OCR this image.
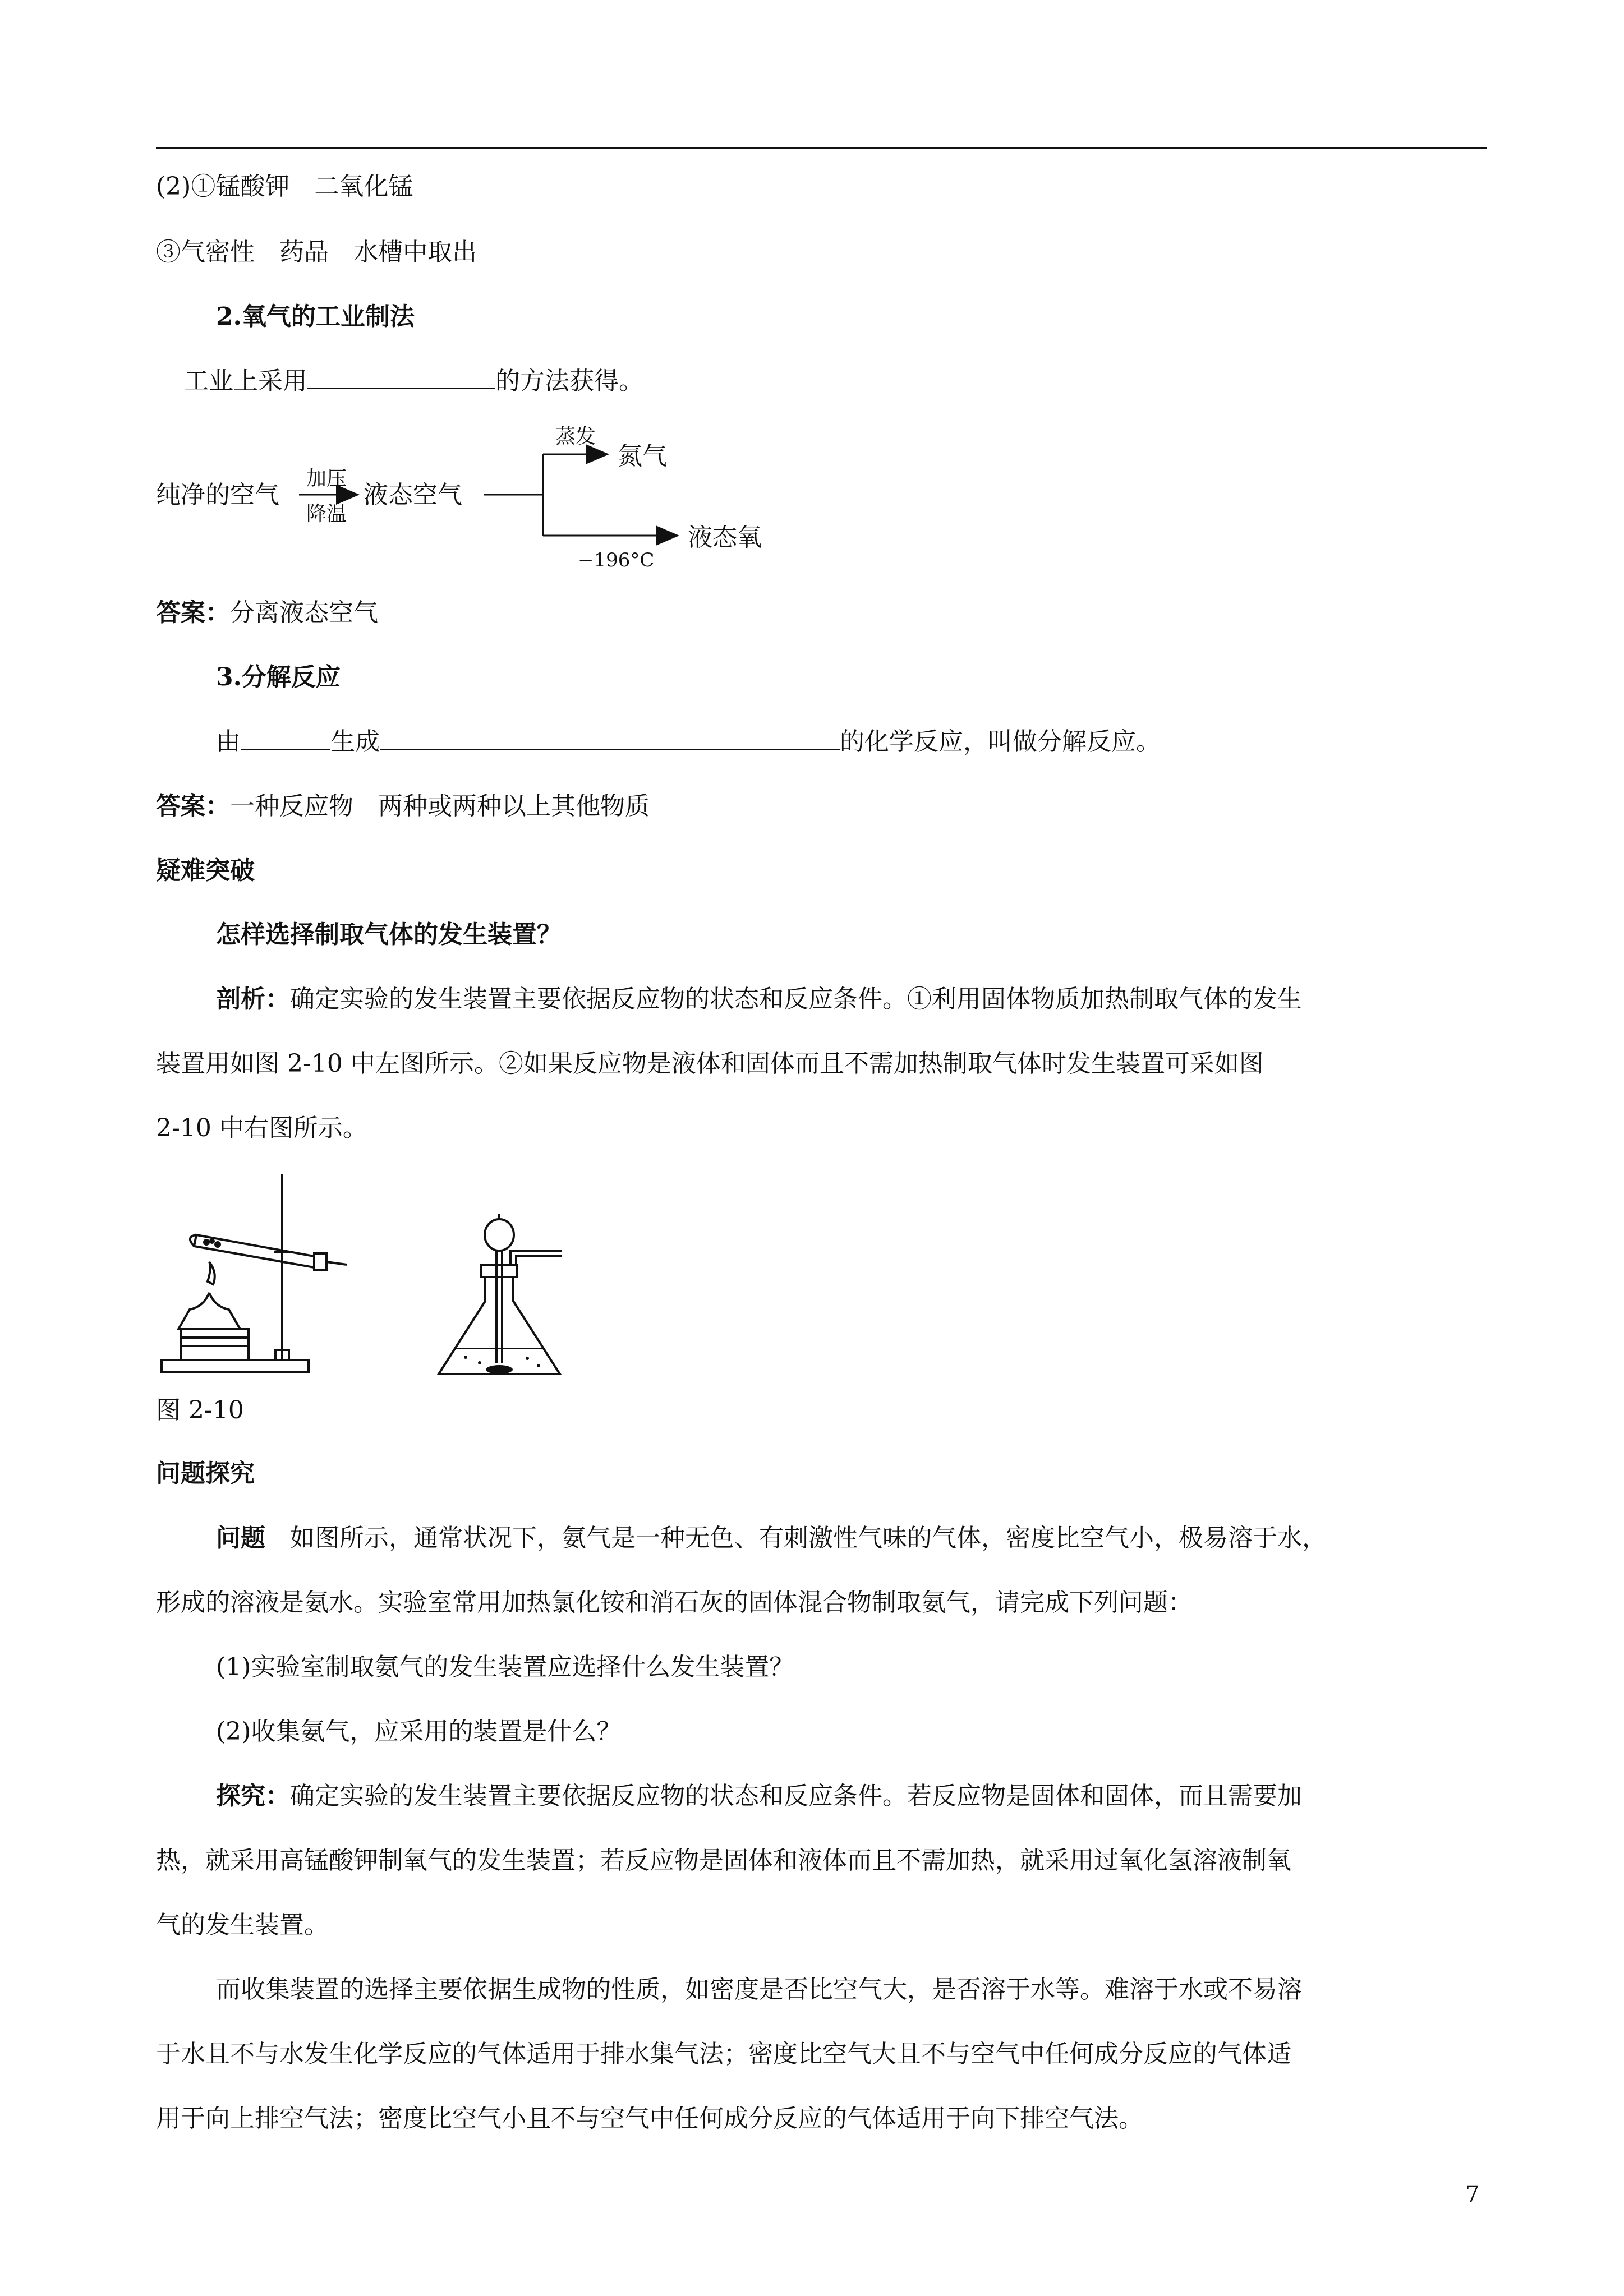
(2)①锰酸钾　二氧化锰
③气密性　药品　水槽中取出
2.氧气的工业制法
工业上采用	的方法获得。
纯净的空气
加压
降温
液态空气
蒸发
氮气
−196°C
液态氧
答案：分离液态空气
3.分解反应
由	生成	的化学反应，叫做分解反应。
答案：一种反应物　两种或两种以上其他物质
疑难突破
怎样选择制取气体的发生装置？
剖析：确定实验的发生装置主要依据反应物的状态和反应条件。①利用固体物质加热制取气体的发生
装置用如图 2-10 中左图所示。②如果反应物是液体和固体而且不需加热制取气体时发生装置可采如图
2-10 中右图所示。
图 2-10
问题探究
问题　如图所示，通常状况下，氨气是一种无色、有刺激性气味的气体，密度比空气小，极易溶于水，
形成的溶液是氨水。实验室常用加热氯化铵和消石灰的固体混合物制取氨气，请完成下列问题：
(1)实验室制取氨气的发生装置应选择什么发生装置？
(2)收集氨气，应采用的装置是什么？
探究：确定实验的发生装置主要依据反应物的状态和反应条件。若反应物是固体和固体，而且需要加
热，就采用高锰酸钾制氧气的发生装置；若反应物是固体和液体而且不需加热，就采用过氧化氢溶液制氧
气的发生装置。
而收集装置的选择主要依据生成物的性质，如密度是否比空气大，是否溶于水等。难溶于水或不易溶
于水且不与水发生化学反应的气体适用于排水集气法；密度比空气大且不与空气中任何成分反应的气体适
用于向上排空气法；密度比空气小且不与空气中任何成分反应的气体适用于向下排空气法。
7
